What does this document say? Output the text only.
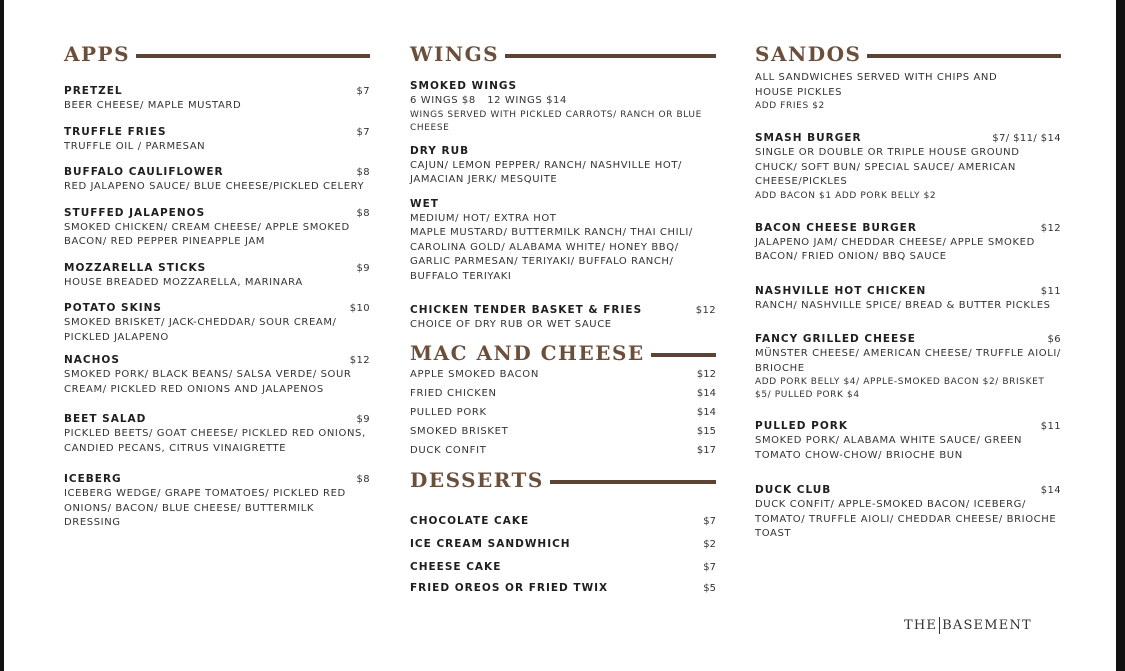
APPS
PRETZEL	$7
BEER CHEESE/ MAPLE MUSTARD
TRUFFLE FRIES	$7
TRUFFLE OIL / PARMESAN
BUFFALO CAULIFLOWER	$8
RED JALAPENO SAUCE/ BLUE CHEESE/PICKLED CELERY
STUFFED JALAPENOS	$8
SMOKED CHICKEN/ CREAM CHEESE/ APPLE SMOKED BACON/ RED PEPPER PINEAPPLE JAM
MOZZARELLA STICKS	$9
HOUSE BREADED MOZZARELLA, MARINARA
POTATO SKINS	$10
SMOKED BRISKET/ JACK-CHEDDAR/ SOUR CREAM/ PICKLED JALAPENO
NACHOS	$12
SMOKED PORK/ BLACK BEANS/ SALSA VERDE/ SOUR CREAM/ PICKLED RED ONIONS AND JALAPENOS
BEET SALAD	$9
PICKLED BEETS/ GOAT CHEESE/ PICKLED RED ONIONS, CANDIED PECANS, CITRUS VINAIGRETTE
ICEBERG	$8
ICEBERG WEDGE/ GRAPE TOMATOES/ PICKLED RED ONIONS/ BACON/ BLUE CHEESE/ BUTTERMILK DRESSING
WINGS
SMOKED WINGS
6 WINGS $8   12 WINGS $14
WINGS SERVED WITH PICKLED CARROTS/ RANCH OR BLUE CHEESE
DRY RUB
CAJUN/ LEMON PEPPER/ RANCH/ NASHVILLE HOT/ JAMACIAN JERK/ MESQUITE
WET
MEDIUM/ HOT/ EXTRA HOT
MAPLE MUSTARD/ BUTTERMILK RANCH/ THAI CHILI/ CAROLINA GOLD/ ALABAMA WHITE/ HONEY BBQ/ GARLIC PARMESAN/ TERIYAKI/ BUFFALO RANCH/ BUFFALO TERIYAKI
CHICKEN TENDER BASKET & FRIES	$12
CHOICE OF DRY RUB OR WET SAUCE
MAC AND CHEESE
APPLE SMOKED BACON	$12
FRIED CHICKEN	$14
PULLED PORK	$14
SMOKED BRISKET	$15
DUCK CONFIT	$17
DESSERTS
CHOCOLATE CAKE	$7
ICE CREAM SANDWHICH	$2
CHEESE CAKE	$7
FRIED OREOS OR FRIED TWIX	$5
SANDOS
ALL SANDWICHES SERVED WITH CHIPS AND HOUSE PICKLES
ADD FRIES $2
SMASH BURGER	$7/ $11/ $14
SINGLE OR DOUBLE OR TRIPLE HOUSE GROUND CHUCK/ SOFT BUN/ SPECIAL SAUCE/ AMERICAN CHEESE/PICKLES
ADD BACON $1 ADD PORK BELLY $2
BACON CHEESE BURGER	$12
JALAPENO JAM/ CHEDDAR CHEESE/ APPLE SMOKED BACON/ FRIED ONION/ BBQ SAUCE
NASHVILLE HOT CHICKEN	$11
RANCH/ NASHVILLE SPICE/ BREAD & BUTTER PICKLES
FANCY GRILLED CHEESE	$6
MÜNSTER CHEESE/ AMERICAN CHEESE/ TRUFFLE AIOLI/ BRIOCHE
ADD PORK BELLY $4/ APPLE-SMOKED BACON $2/ BRISKET $5/ PULLED PORK $4
PULLED PORK	$11
SMOKED PORK/ ALABAMA WHITE SAUCE/ GREEN TOMATO CHOW-CHOW/ BRIOCHE BUN
DUCK CLUB	$14
DUCK CONFIT/ APPLE-SMOKED BACON/ ICEBERG/ TOMATO/ TRUFFLE AIOLI/ CHEDDAR CHEESE/ BRIOCHE TOAST
THE BASEMENT
